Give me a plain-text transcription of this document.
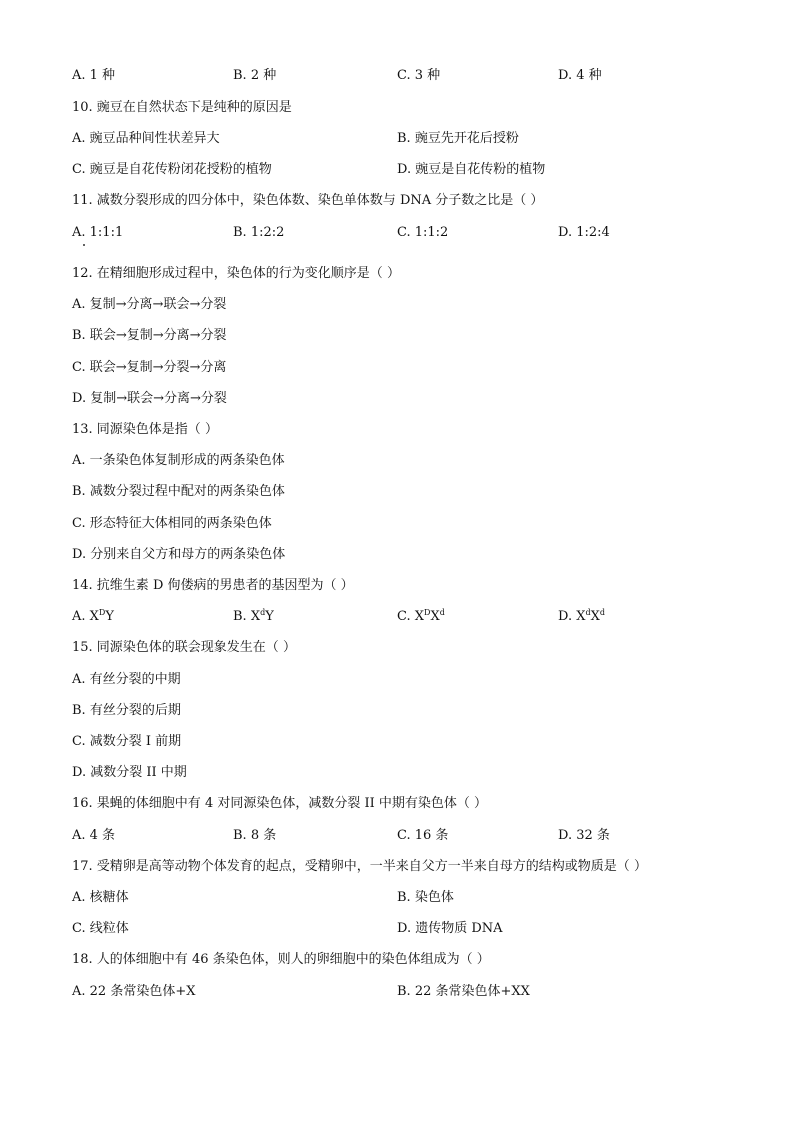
A. 1 种	B. 2 种	C. 3 种	D. 4 种
10. 豌豆在自然状态下是纯种的原因是
A. 豌豆品种间性状差异大	B. 豌豆先开花后授粉
C. 豌豆是自花传粉闭花授粉的植物	D. 豌豆是自花传粉的植物
11. 减数分裂形成的四分体中，染色体数、染色单体数与 DNA 分子数之比是（ ）
A. 1:1:1	B. 1:2:2	C. 1:1:2	D. 1:2:4
12. 在精细胞形成过程中，染色体的行为变化顺序是（ ）
A. 复制→分离→联会→分裂
B. 联会→复制→分离→分裂
C. 联会→复制→分裂→分离
D. 复制→联会→分离→分裂
13. 同源染色体是指（ ）
A. 一条染色体复制形成的两条染色体
B. 减数分裂过程中配对的两条染色体
C. 形态特征大体相同的两条染色体
D. 分别来自父方和母方的两条染色体
14. 抗维生素 D 佝偻病的男患者的基因型为（ ）
A. $X^DY$	B. $X^dY$	C. $X^DX^d$	D. $X^dX^d$
15. 同源染色体的联会现象发生在（ ）
A. 有丝分裂的中期
B. 有丝分裂的后期
C. 减数分裂 I 前期
D. 减数分裂 II 中期
16. 果蝇的体细胞中有 4 对同源染色体，减数分裂 II 中期有染色体（ ）
A. 4 条	B. 8 条	C. 16 条	D. 32 条
17. 受精卵是高等动物个体发育的起点，受精卵中，一半来自父方一半来自母方的结构或物质是（ ）
A. 核糖体	B. 染色体
C. 线粒体	D. 遗传物质 DNA
18. 人的体细胞中有 46 条染色体，则人的卵细胞中的染色体组成为（ ）
A. 22 条常染色体+X	B. 22 条常染色体+XX
